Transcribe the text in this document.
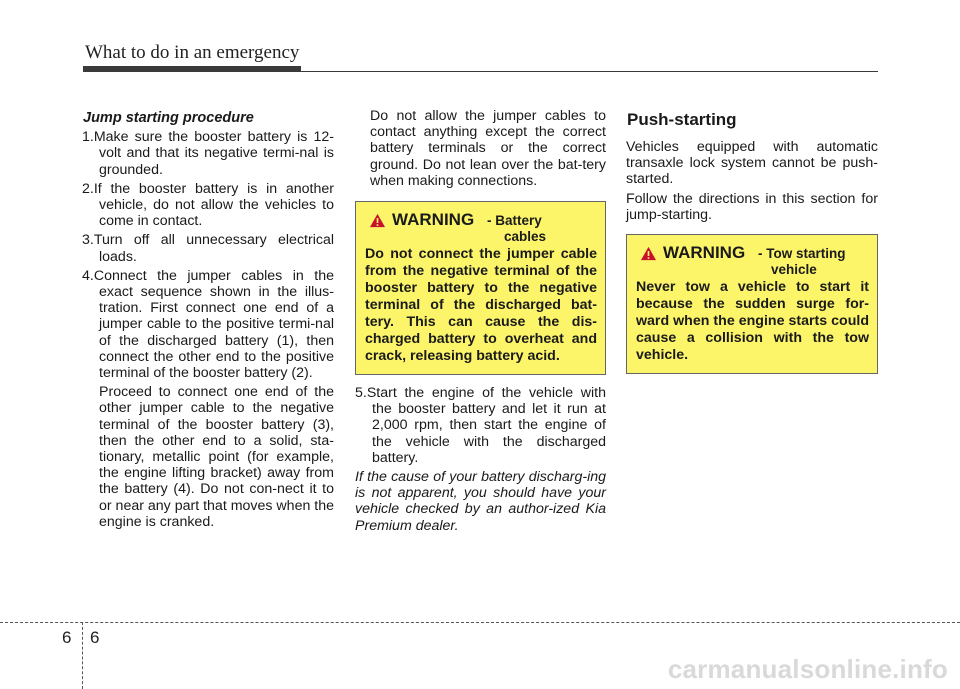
What to do in an emergency
Jump starting procedure
1.Make sure the booster battery is 12-volt and that its negative termi-nal is grounded.
2.If the booster battery is in another vehicle, do not allow the vehicles to come in contact.
3.Turn off all unnecessary electrical loads.
4.Connect the jumper cables in the exact sequence shown in the illus-tration. First connect one end of a jumper cable to the positive termi-nal of the discharged battery (1), then connect the other end to the positive terminal of the booster battery (2).
Proceed to connect one end of the other jumper cable to the negative terminal of the booster battery (3), then the other end to a solid, sta-tionary, metallic point (for example, the engine lifting bracket) away from the battery (4). Do not con-nect it to or near any part that moves when the engine is cranked.
Do not allow the jumper cables to contact anything except the correct battery terminals or the correct ground. Do not lean over the bat-tery when making connections.
WARNING - Battery
cables
Do not connect the jumper cable from the negative terminal of the booster battery to the negative terminal of the discharged bat-tery. This can cause the dis-charged battery to overheat and crack, releasing battery acid.
5.Start the engine of the vehicle with the booster battery and let it run at 2,000 rpm, then start the engine of the vehicle with the discharged battery.
If the cause of your battery discharg-ing is not apparent, you should have your vehicle checked by an author-ized Kia Premium dealer.
Push-starting
Vehicles equipped with automatic transaxle lock system cannot be push-started.
Follow the directions in this section for jump-starting.
WARNING - Tow starting
vehicle
Never tow a vehicle to start it because the sudden surge for-ward when the engine starts could cause a collision with the tow vehicle.
6 6
carmanualsonline.info
